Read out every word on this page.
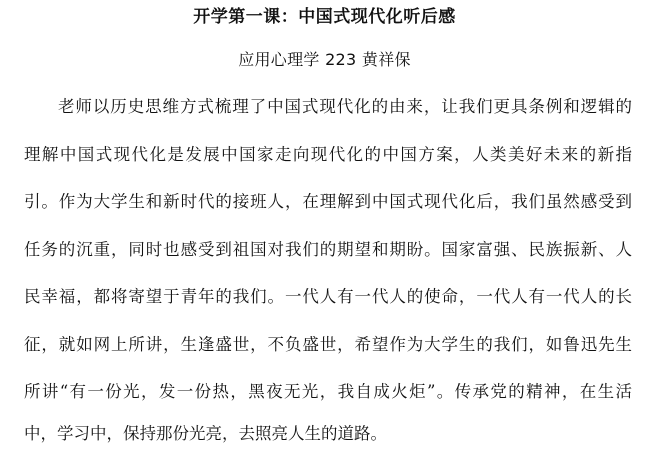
开学第一课：中国式现代化听后感
应用心理学 223 黄祥保
老师以历史思维方式梳理了中国式现代化的由来，让我们更具条例和逻辑的
理解中国式现代化是发展中国家走向现代化的中国方案，人类美好未来的新指
引。作为大学生和新时代的接班人，在理解到中国式现代化后，我们虽然感受到
任务的沉重，同时也感受到祖国对我们的期望和期盼。国家富强、民族振新、人
民幸福，都将寄望于青年的我们。一代人有一代人的使命，一代人有一代人的长
征，就如网上所讲，生逢盛世，不负盛世，希望作为大学生的我们，如鲁迅先生
所讲“有一份光，发一份热，黑夜无光，我自成火炬”。传承党的精神，在生活
中，学习中，保持那份光亮，去照亮人生的道路。
